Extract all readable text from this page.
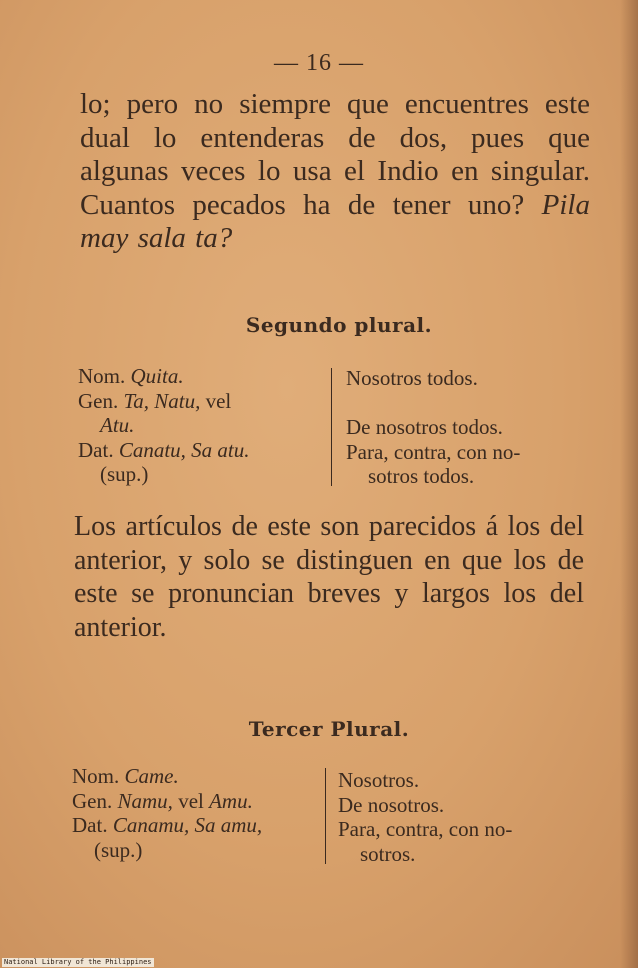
— 16 —

lo; pero no siempre que encuentres este dual lo entenderas de dos, pues que algunas veces lo usa el Indio en singular. Cuantos pecados ha de tener uno? Pila may sala ta?

Segundo plural.
Nom. Quita.
Gen. Ta, Natu, vel
Atu.
Dat. Canatu, Sa atu.
(sup.)
Nosotros todos.

De nosotros todos.
Para, contra, con no-
sotros todos.

Los artículos de este son parecidos á los del anterior, y solo se distinguen en que los de este se pronuncian breves y largos los del anterior.

Tercer Plural.
Nom. Came.
Gen. Namu, vel Amu.
Dat. Canamu, Sa amu,
(sup.)
Nosotros.
De nosotros.
Para, contra, con no-
sotros.
National Library of the Philippines
